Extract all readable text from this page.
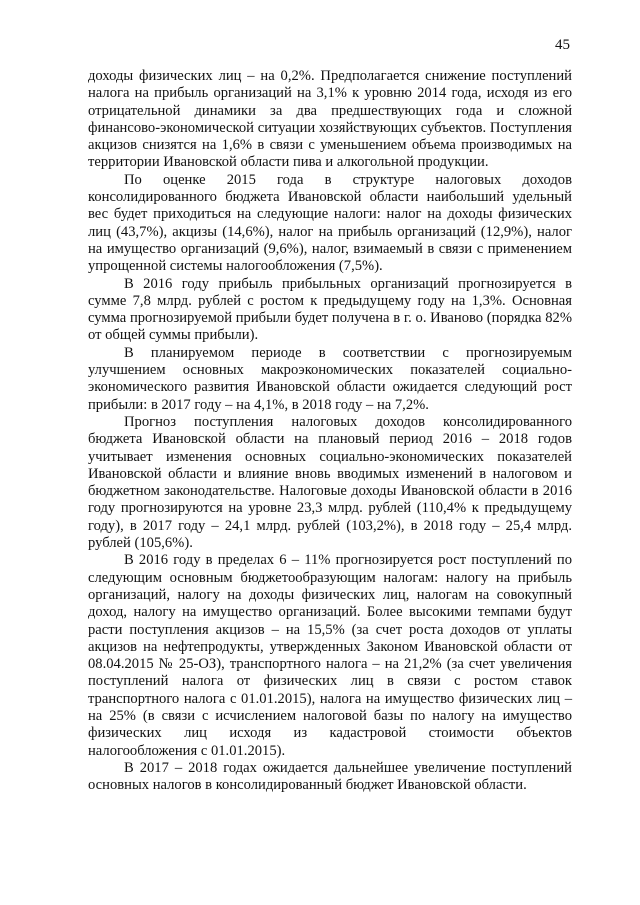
45

доходы физических лиц – на 0,2%. Предполагается снижение поступлений налога на прибыль организаций на 3,1% к уровню 2014 года, исходя из его отрицательной динамики за два предшествующих года и сложной финансово-экономической ситуации хозяйствующих субъектов. Поступления акцизов снизятся на 1,6% в связи с уменьшением объема производимых на территории Ивановской области пива и алкогольной продукции.

По оценке 2015 года в структуре налоговых доходов консолидированного бюджета Ивановской области наибольший удельный вес будет приходиться на следующие налоги: налог на доходы физических лиц (43,7%), акцизы (14,6%), налог на прибыль организаций (12,9%), налог на имущество организаций (9,6%), налог, взимаемый в связи с применением упрощенной системы налогообложения (7,5%).

В 2016 году прибыль прибыльных организаций прогнозируется в сумме 7,8 млрд. рублей с ростом к предыдущему году на 1,3%. Основная сумма прогнозируемой прибыли будет получена в г. о. Иваново (порядка 82% от общей суммы прибыли).

В планируемом периоде в соответствии с прогнозируемым улучшением основных макроэкономических показателей социально-экономического развития Ивановской области ожидается следующий рост прибыли: в 2017 году – на 4,1%, в 2018 году – на 7,2%.

Прогноз поступления налоговых доходов консолидированного бюджета Ивановской области на плановый период 2016 – 2018 годов учитывает изменения основных социально-экономических показателей Ивановской области и влияние вновь вводимых изменений в налоговом и бюджетном законодательстве. Налоговые доходы Ивановской области в 2016 году прогнозируются на уровне 23,3 млрд. рублей (110,4% к предыдущему году), в 2017 году – 24,1 млрд. рублей (103,2%), в 2018 году – 25,4 млрд. рублей (105,6%).

В 2016 году в пределах 6 – 11% прогнозируется рост поступлений по следующим основным бюджетообразующим налогам: налогу на прибыль организаций, налогу на доходы физических лиц, налогам на совокупный доход, налогу на имущество организаций. Более высокими темпами будут расти поступления акцизов – на 15,5% (за счет роста доходов от уплаты акцизов на нефтепродукты, утвержденных Законом Ивановской области от 08.04.2015 № 25-ОЗ), транспортного налога – на 21,2% (за счет увеличения поступлений налога от физических лиц в связи с ростом ставок транспортного налога с 01.01.2015), налога на имущество физических лиц – на 25% (в связи с исчислением налоговой базы по налогу на имущество физических лиц исходя из кадастровой стоимости объектов налогообложения с 01.01.2015).

В 2017 – 2018 годах ожидается дальнейшее увеличение поступлений основных налогов в консолидированный бюджет Ивановской области.
